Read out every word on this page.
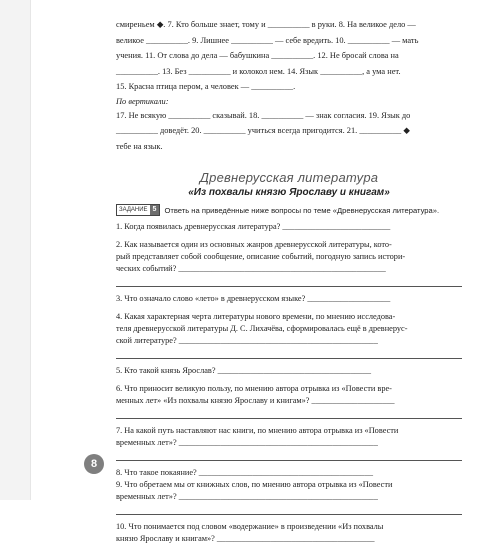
смиреньем ◆. 7. Кто больше знает, тому и __________ в руки. 8. На великое дело —

великое __________. 9. Лишнее __________ — себе вредить. 10. __________ — мать

учения. 11. От слова до дела — бабушкина __________. 12. Не бросай слова на

__________. 13. Без __________ и колокол нем. 14. Язык __________, а ума нет.

15. Красна птица пером, а человек — __________.

По вертикали:

17. Не всякую __________ сказывай. 18. __________ — знак согласия. 19. Язык до

__________ доведёт. 20. __________ учиться всегда пригодится. 21. __________ ◆

тебе на язык.

Древнерусская литература
«Из похвалы князю Ярославу и книгам»
ЗАДАНИЕ 5	Ответь на приведённые ниже вопросы по теме «Древнерусская литература».

1. Когда появилась древнерусская литература? __________________________

2. Как называется один из основных жанров древнерусской литературы, кото-

рый представляет собой сообщение, описание событий, погодную запись истори-

ческих событий? __________________________________________________

3. Что означало слово «лето» в древнерусском языке? ____________________

4. Какая характерная черта литературы нового времени, по мнению исследова-

теля древнерусской литературы Д. С. Лихачёва, сформировалась ещё в древнерус-

ской литературе? ________________________________________________

5. Кто такой князь Ярослав? _____________________________________

6. Что приносит великую пользу, по мнению автора отрывка из «Повести вре-

менных лет» «Из похвалы князю Ярославу и книгам»? ____________________

7. На какой путь наставляют нас книги, по мнению автора отрывка из «Повести

временных лет»? ________________________________________________

8. Что такое покаяние? __________________________________________

9. Что обретаем мы от книжных слов, по мнению автора отрывка из «Повести

временных лет»? ________________________________________________

10. Что понимается под словом «водержание» в произведении «Из похвалы

князю Ярославу и книгам»? ______________________________________

8
